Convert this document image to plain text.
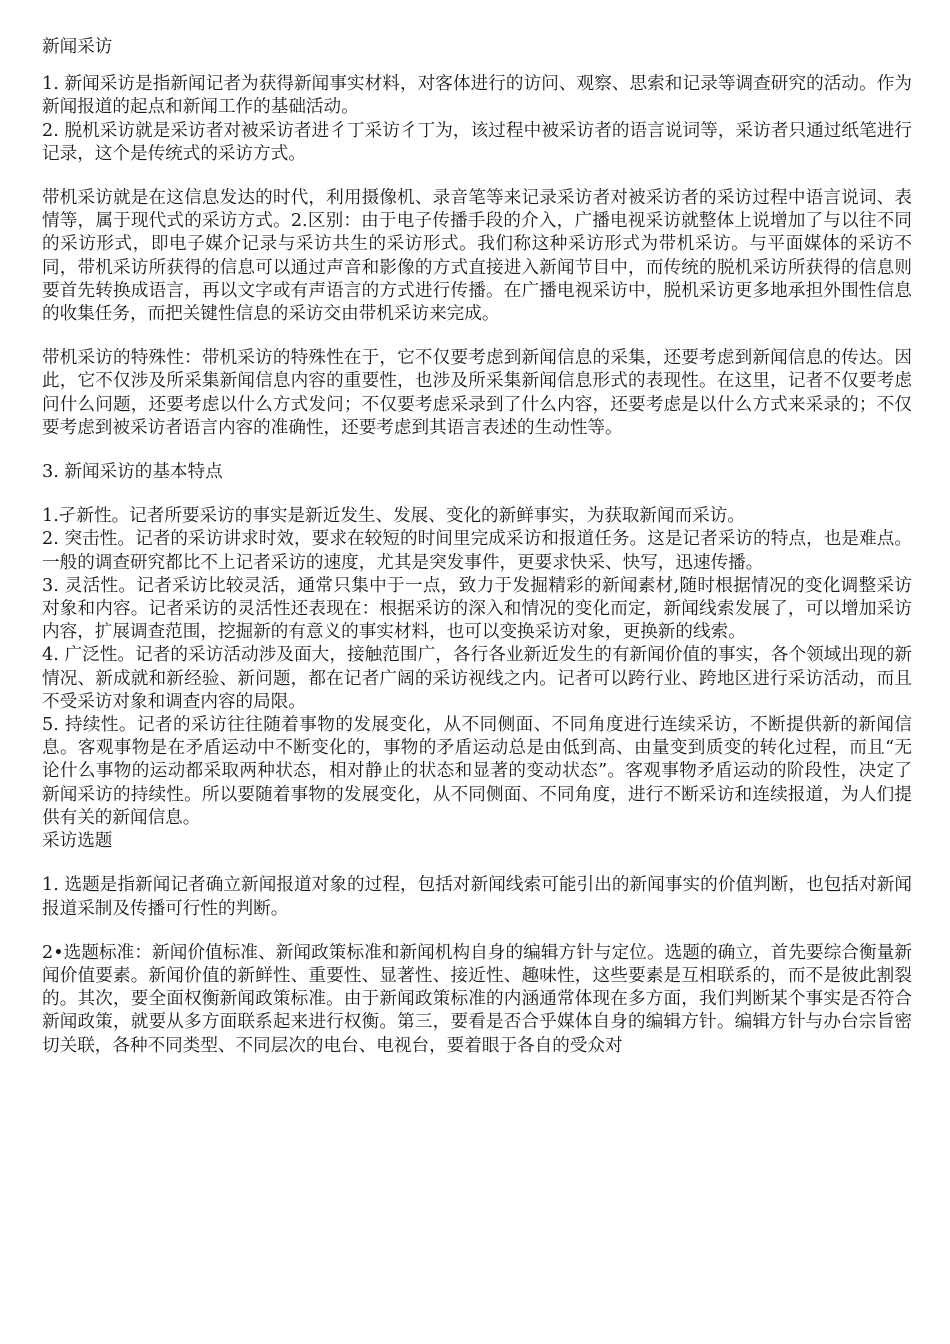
新闻采访

1. 新闻采访是指新闻记者为获得新闻事实材料，对客体进行的访问、观察、思索和记录等调查研究的活动。作为新闻报道的起点和新闻工作的基础活动。

2. 脱机采访就是采访者对被采访者进彳丁采访彳丁为，该过程中被采访者的语言说词等，采访者只通过纸笔进行记录，这个是传统式的采访方式。

带机采访就是在这信息发达的时代，利用摄像机、录音笔等来记录采访者对被采访者的采访过程中语言说词、表情等，属于现代式的采访方式。2.区别：由于电子传播手段的介入，广播电视采访就整体上说增加了与以往不同的采访形式，即电子媒介记录与采访共生的采访形式。我们称这种采访形式为带机采访。与平面媒体的采访不同，带机采访所获得的信息可以通过声音和影像的方式直接进入新闻节目中，而传统的脱机采访所获得的信息则要首先转换成语言，再以文字或有声语言的方式进行传播。在广播电视采访中，脱机采访更多地承担外围性信息的收集任务，而把关键性信息的采访交由带机采访来完成。

带机采访的特殊性：带机采访的特殊性在于，它不仅要考虑到新闻信息的采集，还要考虑到新闻信息的传达。因此，它不仅涉及所采集新闻信息内容的重要性，也涉及所采集新闻信息形式的表现性。在这里，记者不仅要考虑问什么问题，还要考虑以什么方式发问；不仅要考虑采录到了什么内容，还要考虑是以什么方式来采录的；不仅要考虑到被采访者语言内容的准确性，还要考虑到其语言表述的生动性等。

3. 新闻采访的基本特点

1.孑新性。记者所要采访的事实是新近发生、发展、变化的新鲜事实，为获取新闻而采访。

2. 突击性。记者的采访讲求时效，要求在较短的时间里完成采访和报道任务。这是记者采访的特点，也是难点。一般的调查研究都比不上记者采访的速度，尤其是突发事件，更要求快采、快写，迅速传播。

3. 灵活性。记者采访比较灵活，通常只集中于一点，致力于发掘精彩的新闻素材,随时根据情况的变化调整采访对象和内容。记者采访的灵活性还表现在：根据采访的深入和情况的变化而定，新闻线索发展了，可以增加采访内容，扩展调查范围，挖掘新的有意义的事实材料，也可以变换采访对象，更换新的线索。

4. 广泛性。记者的采访活动涉及面大，接触范围广，各行各业新近发生的有新闻价值的事实，各个领域出现的新情况、新成就和新经验、新问题，都在记者广阔的采访视线之内。记者可以跨行业、跨地区进行采访活动，而且不受采访对象和调查内容的局限。

5. 持续性。记者的采访往往随着事物的发展变化，从不同侧面、不同角度进行连续采访，不断提供新的新闻信息。客观事物是在矛盾运动中不断变化的，事物的矛盾运动总是由低到高、由量变到质变的转化过程，而且“无论什么事物的运动都采取两种状态，相对静止的状态和显著的变动状态”。客观事物矛盾运动的阶段性，决定了新闻采访的持续性。所以要随着事物的发展变化，从不同侧面、不同角度，进行不断采访和连续报道，为人们提供有关的新闻信息。

采访选题

1. 选题是指新闻记者确立新闻报道对象的过程，包括对新闻线索可能引出的新闻事实的价值判断，也包括对新闻报道采制及传播可行性的判断。

2•选题标准：新闻价值标准、新闻政策标准和新闻机构自身的编辑方针与定位。选题的确立，首先要综合衡量新闻价值要素。新闻价值的新鲜性、重要性、显著性、接近性、趣味性，这些要素是互相联系的，而不是彼此割裂的。其次，要全面权衡新闻政策标准。由于新闻政策标准的内涵通常体现在多方面，我们判断某个事实是否符合新闻政策，就要从多方面联系起来进行权衡。第三，要看是否合乎媒体自身的编辑方针。编辑方针与办台宗旨密切关联，各种不同类型、不同层次的电台、电视台，要着眼于各自的受众对
